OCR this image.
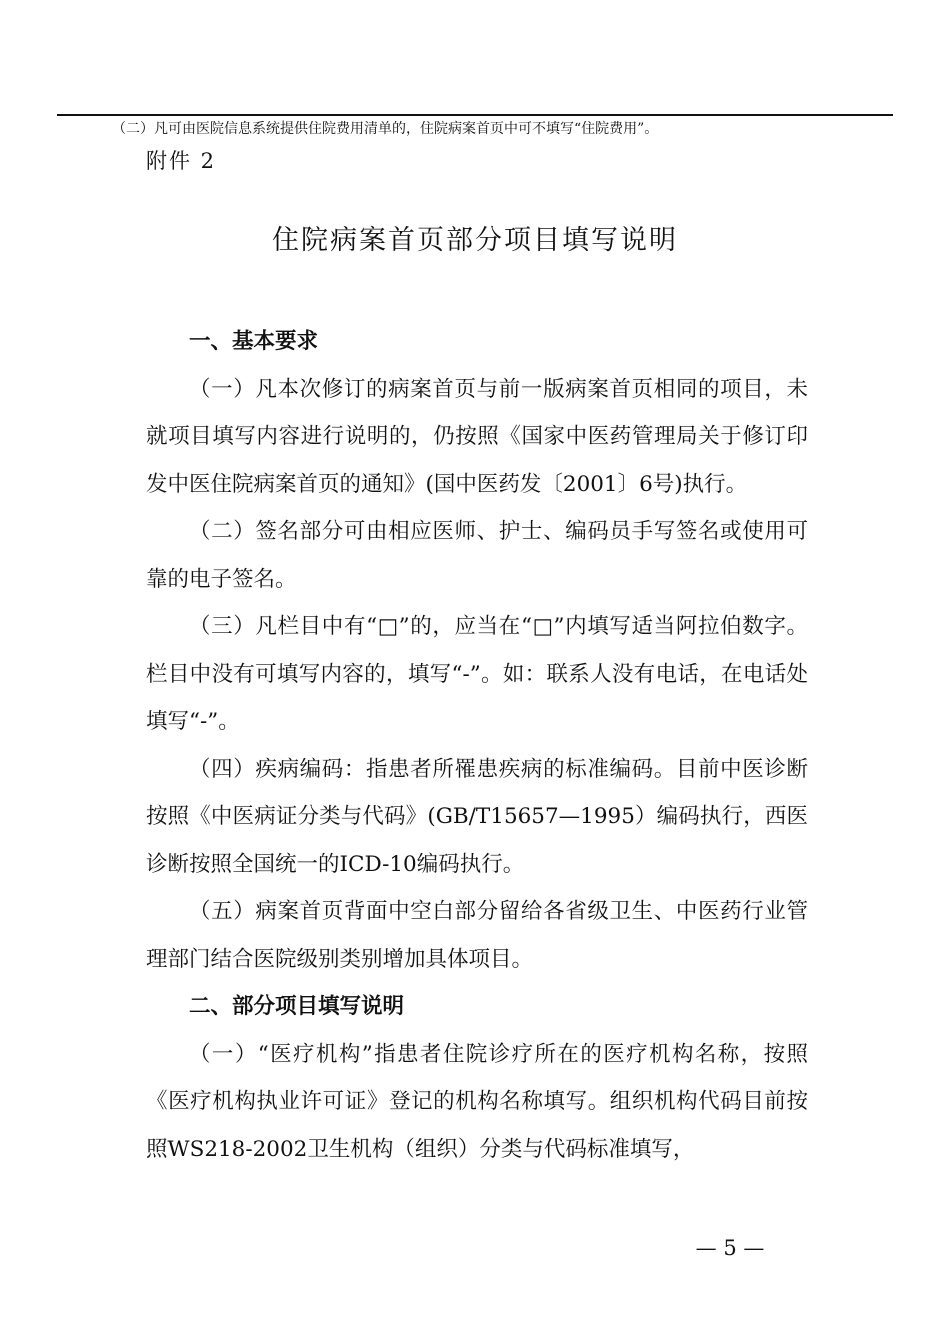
（二）凡可由医院信息系统提供住院费用清单的，住院病案首页中可不填写“住院费用”。
附件 2
住院病案首页部分项目填写说明
一、基本要求

（一）凡本次修订的病案首页与前一版病案首页相同的项目，未就项目填写内容进行说明的，仍按照《国家中医药管理局关于修订印发中医住院病案首页的通知》(国中医药发〔2001〕6号)执行。

（二）签名部分可由相应医师、护士、编码员手写签名或使用可靠的电子签名。

（三）凡栏目中有“□”的，应当在“□”内填写适当阿拉伯数字。栏目中没有可填写内容的，填写“-”。如：联系人没有电话，在电话处填写“-”。

（四）疾病编码：指患者所罹患疾病的标准编码。目前中医诊断按照《中医病证分类与代码》(GB/T15657—1995）编码执行，西医诊断按照全国统一的ICD-10编码执行。

（五）病案首页背面中空白部分留给各省级卫生、中医药行业管理部门结合医院级别类别增加具体项目。

二、部分项目填写说明

（一）“医疗机构”指患者住院诊疗所在的医疗机构名称，按照《医疗机构执业许可证》登记的机构名称填写。组织机构代码目前按照WS218-2002卫生机构（组织）分类与代码标准填写，

— 5 —
